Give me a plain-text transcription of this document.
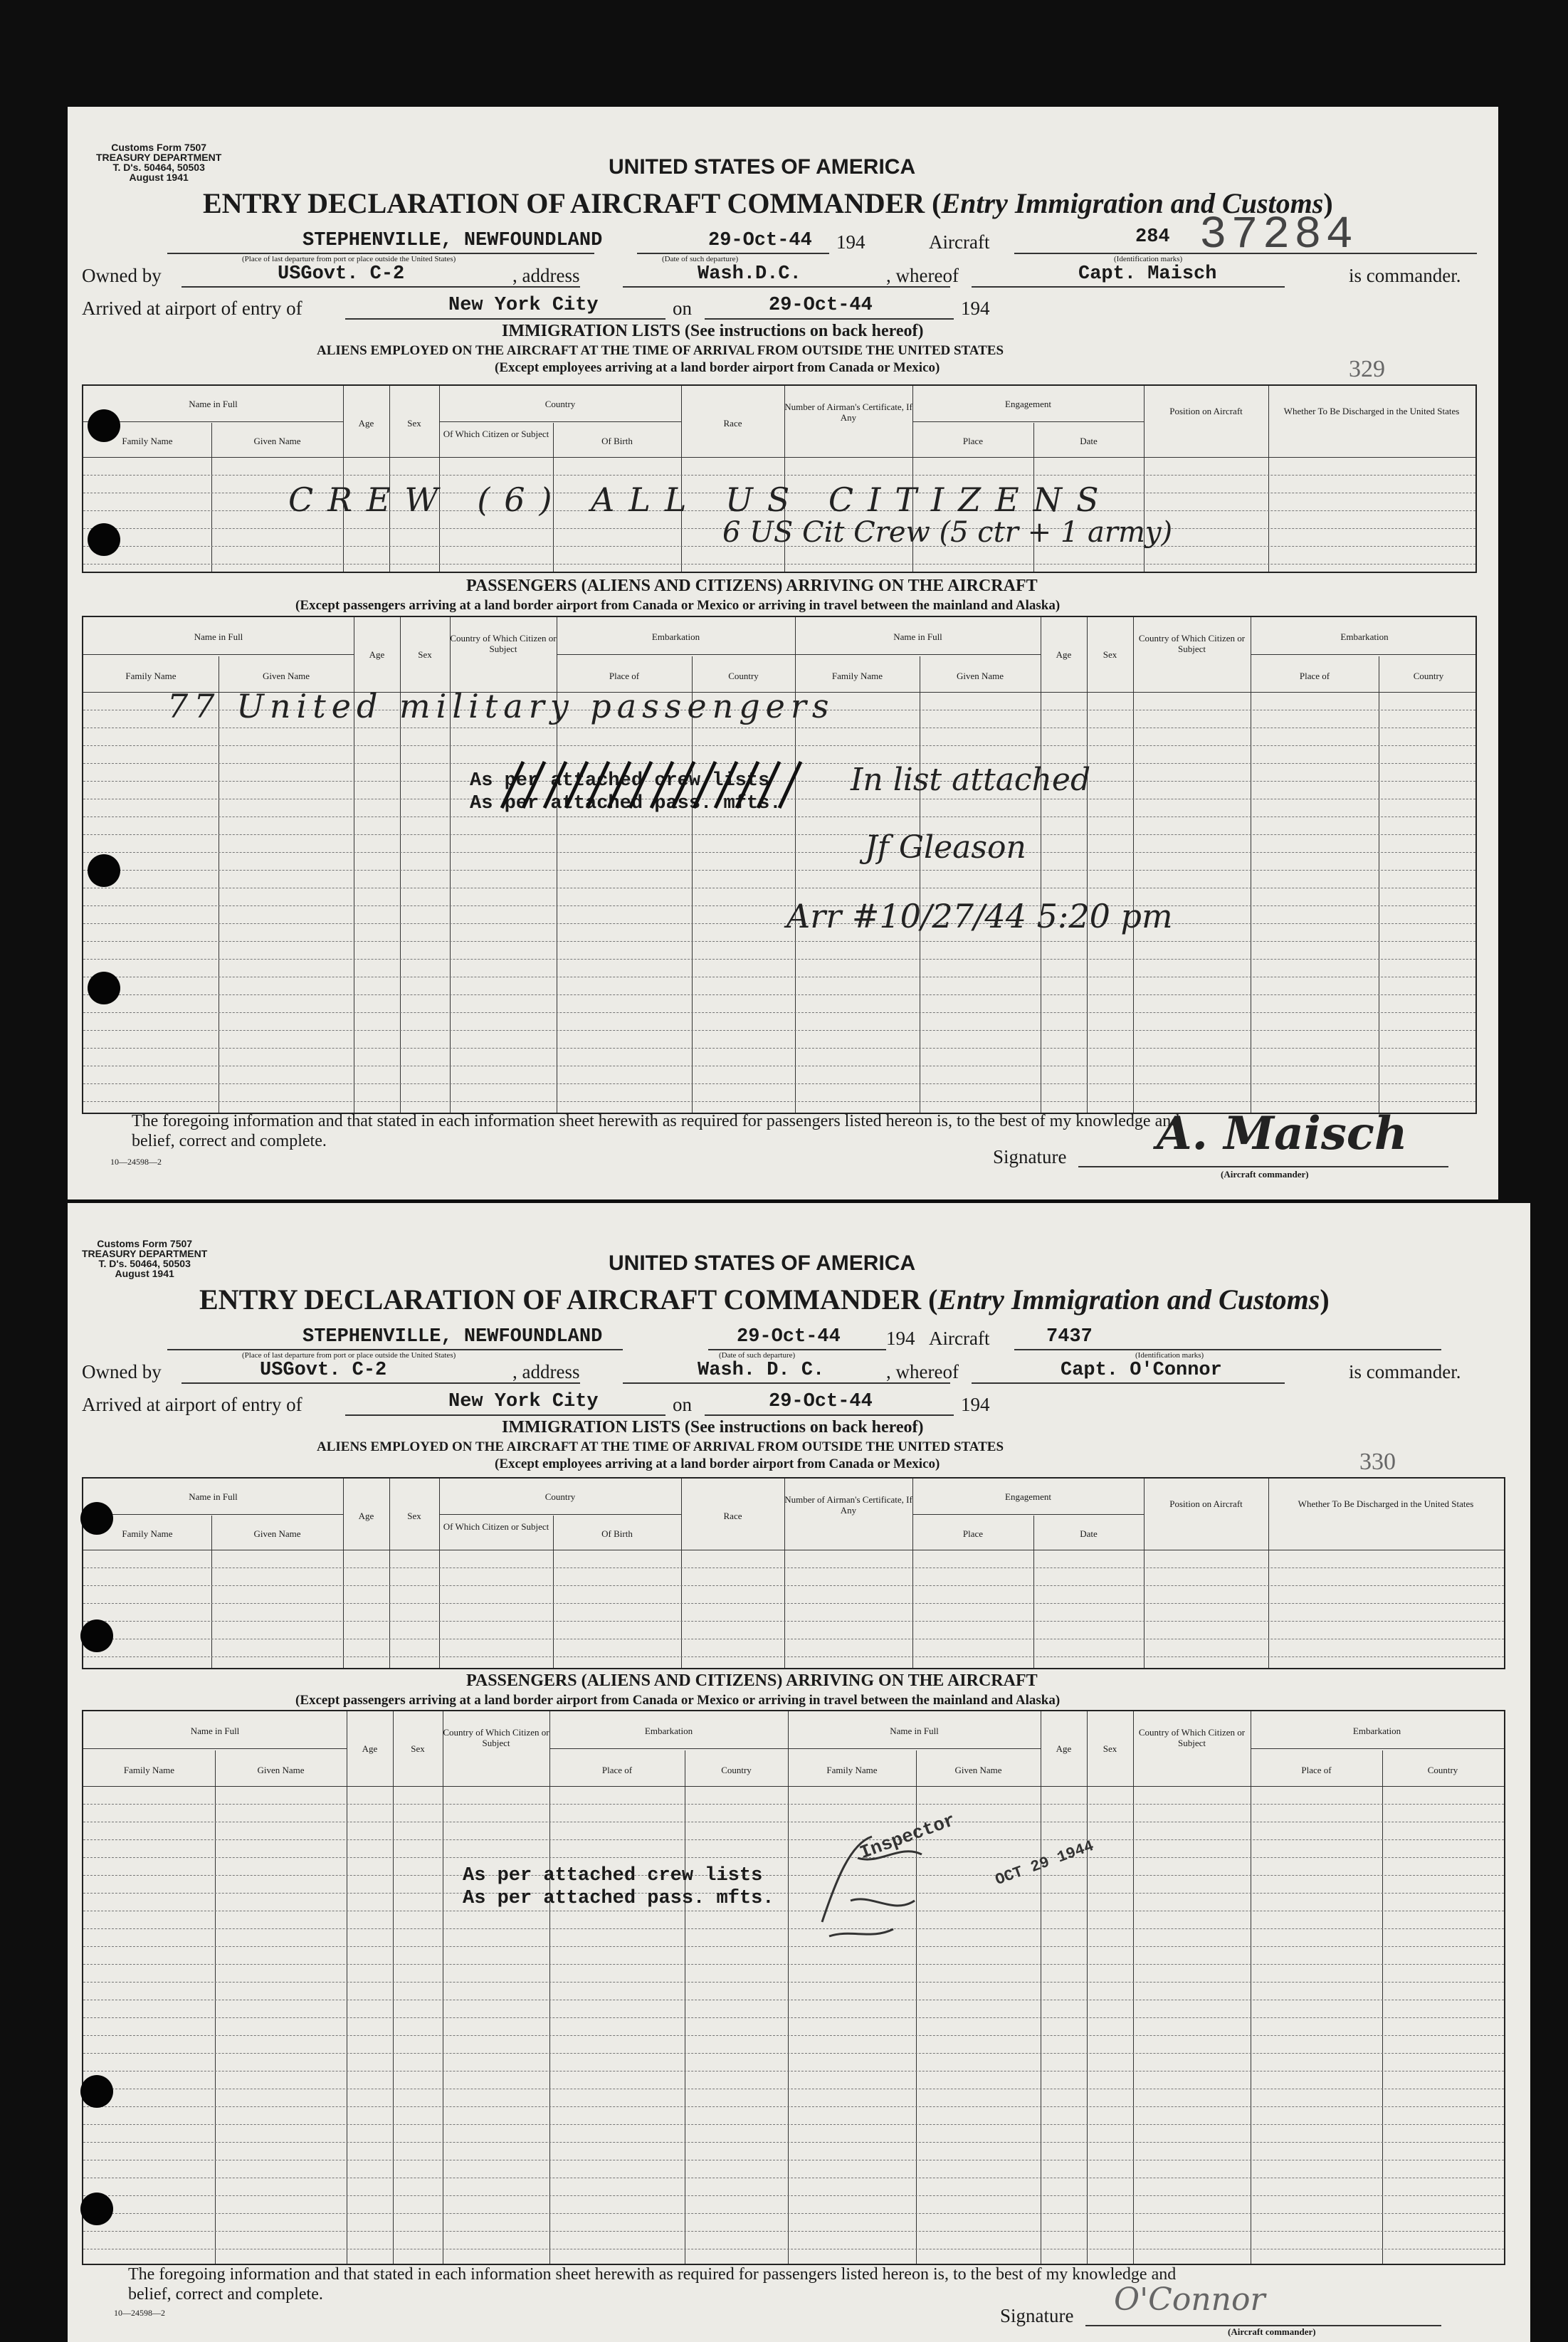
Customs Form 7507
TREASURY DEPARTMENT
T. D's. 50464, 50503
August 1941	UNITED STATES OF AMERICA
ENTRY DECLARATION OF AIRCRAFT COMMANDER (Entry Immigration and Customs)
STEPHENVILLE, NEWFOUNDLAND
(Place of last departure from port or place outside the United States)
29-Oct-44
(Date of such departure)
194	Aircraft	284 37284
(Identification marks)
Owned by	USGovt. C-2	, address	Wash.D.C.	, whereof	Capt. Maisch	is commander.
Arrived at airport of entry of	New York City	on	29-Oct-44	194
IMMIGRATION LISTS (See instructions on back hereof)
ALIENS EMPLOYED ON THE AIRCRAFT AT THE TIME OF ARRIVAL FROM OUTSIDE THE UNITED STATES
(Except employees arriving at a land border airport from Canada or Mexico)	329
Name in Full
Family Name	Given Name
Age	Sex
Country
Of Which Citizen or Subject
Of Birth
Race
Number of Airman's Certificate, If Any
Engagement
Place	Date
Position on Aircraft	Whether To Be Discharged in the United States
CREW (6) ALL US CITIZENS
6 US Cit Crew (5 ctr + 1 army)
PASSENGERS (ALIENS AND CITIZENS) ARRIVING ON THE AIRCRAFT
(Except passengers arriving at a land border airport from Canada or Mexico or arriving in travel between the mainland and Alaska)
Name in Full
Family Name	Given Name
Age	Sex
Country of Which Citizen or Subject
Embarkation
Place of	Country
Name in Full
Family Name	Given Name
Age	Sex
Country of Which Citizen or Subject
Embarkation
Place of	Country
77 United military passengers
As per attached crew lists
As per attached pass. mfts.
In list attached
Jf Gleason
Arr #10/27/44 5:20 pm
The foregoing information and that stated in each information sheet herewith as required for passengers listed hereon is, to the best of my knowledge and
belief, correct and complete.
10—24598—2	Signature A. Maisch
(Aircraft commander)
Customs Form 7507
TREASURY DEPARTMENT
T. D's. 50464, 50503
August 1941	UNITED STATES OF AMERICA
ENTRY DECLARATION OF AIRCRAFT COMMANDER (Entry Immigration and Customs)
STEPHENVILLE, NEWFOUNDLAND
(Place of last departure from port or place outside the United States)
29-Oct-44
(Date of such departure)
194 Aircraft	7437
(Identification marks)
Owned by	USGovt. C-2	, address	Wash. D. C.	, whereof	Capt. O'Connor	is commander.
Arrived at airport of entry of	New York City	on	29-Oct-44	194
IMMIGRATION LISTS (See instructions on back hereof)
ALIENS EMPLOYED ON THE AIRCRAFT AT THE TIME OF ARRIVAL FROM OUTSIDE THE UNITED STATES
(Except employees arriving at a land border airport from Canada or Mexico)	330
Name in Full
Family Name	Given Name
Age	Sex
Country
Of Which Citizen or Subject
Of Birth
Race
Number of Airman's Certificate, If Any
Engagement
Place	Date
Position on Aircraft	Whether To Be Discharged in the United States
PASSENGERS (ALIENS AND CITIZENS) ARRIVING ON THE AIRCRAFT
(Except passengers arriving at a land border airport from Canada or Mexico or arriving in travel between the mainland and Alaska)
Name in Full
Family Name	Given Name
Age	Sex
Country of Which Citizen or Subject
Embarkation
Place of	Country
Name in Full
Family Name	Given Name
Age	Sex
Country of Which Citizen or Subject
Embarkation
Place of	Country
As per attached crew lists
As per attached pass. mfts.
Inspector OCT 29 1944
The foregoing information and that stated in each information sheet herewith as required for passengers listed hereon is, to the best of my knowledge and
belief, correct and complete.
10—24598—2	Signature O'Connor
(Aircraft commander)
